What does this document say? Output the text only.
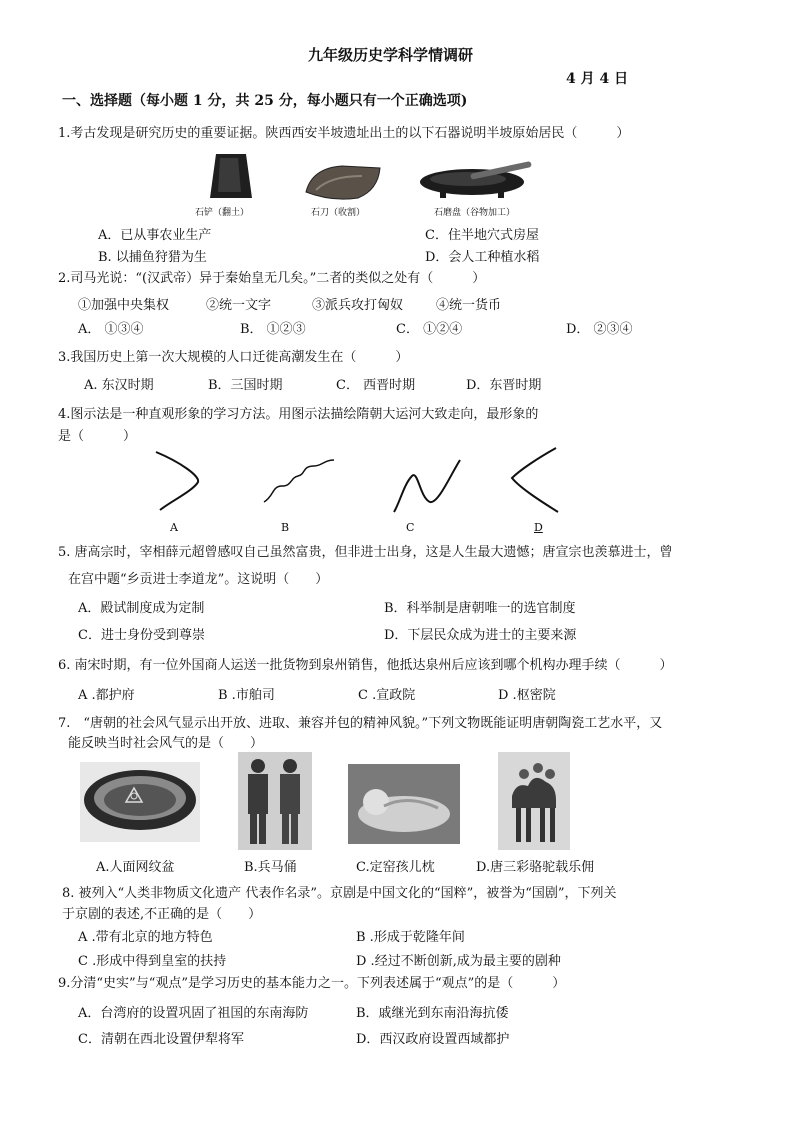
九年级历史学科学情调研
4 月 4 日
一、选择题（每小题 1 分，共 25 分，每小题只有一个正确选项)
1.考古发现是研究历史的重要证据。陕西西安半坡遗址出土的以下石器说明半坡原始居民（　　　）
石铲（翻土）	石刀（收割）	石磨盘（谷物加工）
A．已从事农业生产	C．住半地穴式房屋
B. 以捕鱼狩猎为生	D．会人工种植水稻
2.司马光说：“(汉武帝）异于秦始皇无几矣。”二者的类似之处有（　　　）
①加强中央集权	②统一文字	③派兵攻打匈奴	④统一货币
A． ①③④	B． ①②③	C． ①②④	D． ②③④
3.我国历史上第一次大规模的人口迁徙高潮发生在（　　　）
A. 东汉时期	B．三国时期	C． 西晋时期	D．东晋时期
4.图示法是一种直观形象的学习方法。用图示法描绘隋朝大运河大致走向，最形象的
是（　　　）
A	B	C	D
5. 唐高宗时，宰相薛元超曾感叹自己虽然富贵，但非进士出身，这是人生最大遗憾；唐宣宗也羡慕进士，曾
在宫中题“乡贡进士李道龙”。这说明（　　）
A．殿试制度成为定制	B．科举制是唐朝唯一的选官制度
C．进士身份受到尊崇	D．下层民众成为进士的主要来源
6. 南宋时期，有一位外国商人运送一批货物到泉州销售，他抵达泉州后应该到哪个机构办理手续（　　　）
A .都护府	B .市舶司	C .宣政院	D .枢密院
7.　“唐朝的社会风气显示出开放、进取、兼容并包的精神风貌。”下列文物既能证明唐朝陶瓷工艺水平，又
能反映当时社会风气的是（　　）
A.人面网纹盆	B.兵马俑	C.定窑孩儿枕	D.唐三彩骆驼载乐佣
8. 被列入“人类非物质文化遗产 代表作名录”。京剧是中国文化的“国粹”，被誉为“国剧”，下列关
于京剧的表述,不正确的是（　　）
A .带有北京的地方特色	B .形成于乾隆年间
C .形成中得到皇室的扶持	D .经过不断创新,成为最主要的剧种
9.分清“史实”与“观点”是学习历史的基本能力之一。下列表述属于“观点”的是（　　　）
A．台湾府的设置巩固了祖国的东南海防	B．戚继光到东南沿海抗倭
C．清朝在西北设置伊犁将军	D．西汉政府设置西域都护
